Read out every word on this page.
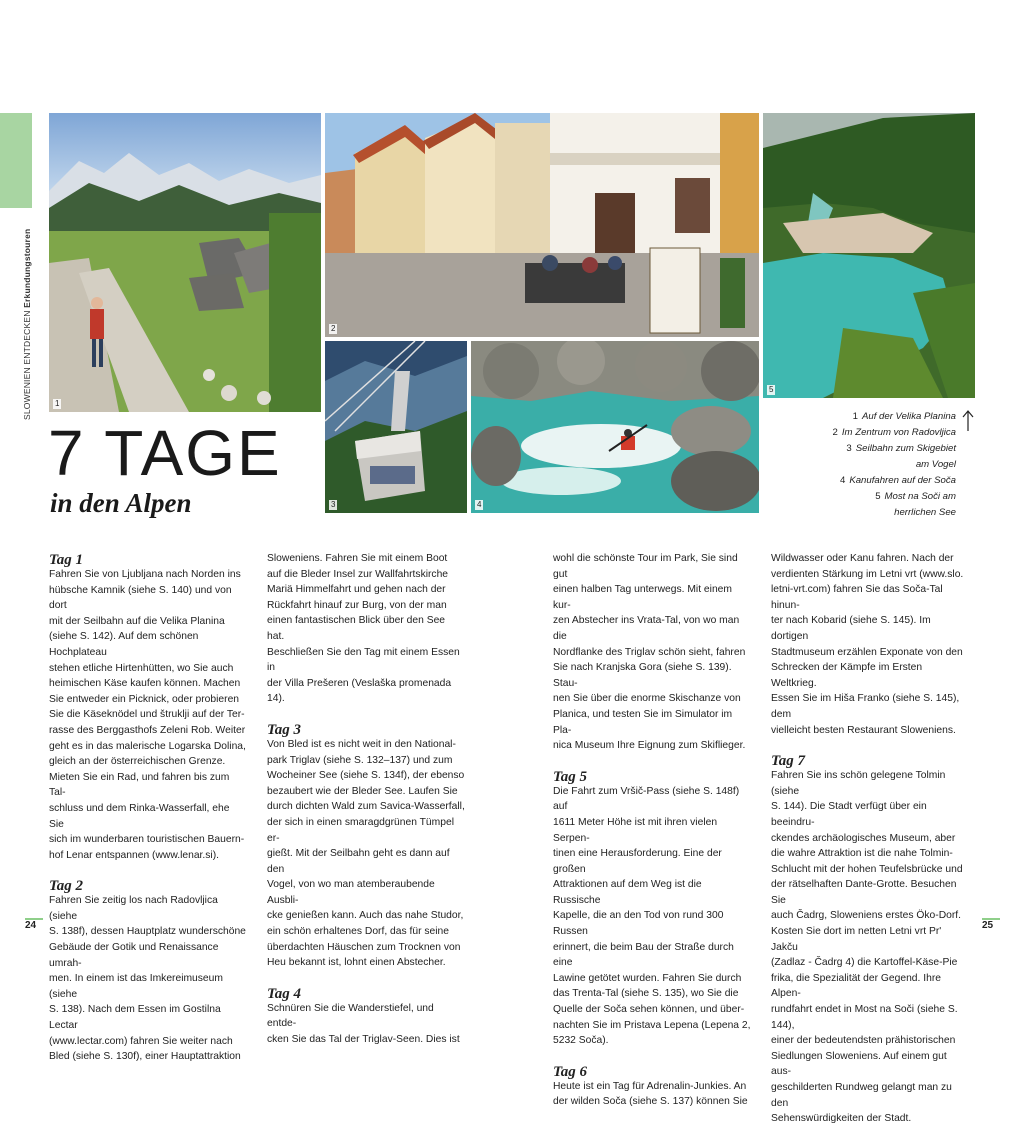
SLOWENIEN ENTDECKEN Erkundungstouren
1
2
5
3	4
7 TAGE
in den Alpen
1 Auf der Velika Planina
2 Im Zentrum von Radovljica
3 Seilbahn zum Skigebiet
am Vogel
4 Kanufahren auf der Soča
5 Most na Soči am
herrlichen See
Tag 1
Fahren Sie von Ljubljana nach Norden ins
hübsche Kamnik (siehe S. 140) und von dort
mit der Seilbahn auf die Velika Planina
(siehe S. 142). Auf dem schönen Hochplateau
stehen etliche Hirtenhütten, wo Sie auch
heimischen Käse kaufen können. Machen
Sie entweder ein Picknick, oder probieren
Sie die Käseknödel und štruklji auf der Ter-
rasse des Berggasthofs Zeleni Rob. Weiter
geht es in das malerische Logarska Dolina,
gleich an der österreichischen Grenze.
Mieten Sie ein Rad, und fahren bis zum Tal-
schluss und dem Rinka-Wasserfall, ehe Sie
sich im wunderbaren touristischen Bauern-
hof Lenar entspannen (www.lenar.si).
Tag 2
Fahren Sie zeitig los nach Radovljica (siehe
S. 138f), dessen Hauptplatz wunderschöne
Gebäude der Gotik und Renaissance umrah-
men. In einem ist das Imkereimuseum (siehe
S. 138). Nach dem Essen im Gostilna Lectar
(www.lectar.com) fahren Sie weiter nach
Bled (siehe S. 130f), einer Hauptattraktion
Sloweniens. Fahren Sie mit einem Boot
auf die Bleder Insel zur Wallfahrtskirche
Mariä Himmelfahrt und gehen nach der
Rückfahrt hinauf zur Burg, von der man
einen fantastischen Blick über den See hat.
Beschließen Sie den Tag mit einem Essen in
der Villa Prešeren (Veslaška promenada 14).
Tag 3
Von Bled ist es nicht weit in den National-
park Triglav (siehe S. 132–137) und zum
Wocheiner See (siehe S. 134f), der ebenso
bezaubert wie der Bleder See. Laufen Sie
durch dichten Wald zum Savica-Wasserfall,
der sich in einen smaragdgrünen Tümpel er-
gießt. Mit der Seilbahn geht es dann auf den
Vogel, von wo man atemberaubende Ausbli-
cke genießen kann. Auch das nahe Studor,
ein schön erhaltenes Dorf, das für seine
überdachten Häuschen zum Trocknen von
Heu bekannt ist, lohnt einen Abstecher.
Tag 4
Schnüren Sie die Wanderstiefel, und entde-
cken Sie das Tal der Triglav-Seen. Dies ist
wohl die schönste Tour im Park, Sie sind gut
einen halben Tag unterwegs. Mit einem kur-
zen Abstecher ins Vrata-Tal, von wo man die
Nordflanke des Triglav schön sieht, fahren
Sie nach Kranjska Gora (siehe S. 139). Stau-
nen Sie über die enorme Skischanze von
Planica, und testen Sie im Simulator im Pla-
nica Museum Ihre Eignung zum Skiflieger.
Tag 5
Die Fahrt zum Vršič-Pass (siehe S. 148f) auf
1611 Meter Höhe ist mit ihren vielen Serpen-
tinen eine Herausforderung. Eine der großen
Attraktionen auf dem Weg ist die Russische
Kapelle, die an den Tod von rund 300 Russen
erinnert, die beim Bau der Straße durch eine
Lawine getötet wurden. Fahren Sie durch
das Trenta-Tal (siehe S. 135), wo Sie die
Quelle der Soča sehen können, und über-
nachten Sie im Pristava Lepena (Lepena 2,
5232 Soča).
Tag 6
Heute ist ein Tag für Adrenalin-Junkies. An
der wilden Soča (siehe S. 137) können Sie
Wildwasser oder Kanu fahren. Nach der
verdienten Stärkung im Letni vrt (www.slo.
letni-vrt.com) fahren Sie das Soča-Tal hinun-
ter nach Kobarid (siehe S. 145). Im dortigen
Stadtmuseum erzählen Exponate von den
Schrecken der Kämpfe im Ersten Weltkrieg.
Essen Sie im Hiša Franko (siehe S. 145), dem
vielleicht besten Restaurant Sloweniens.
Tag 7
Fahren Sie ins schön gelegene Tolmin (siehe
S. 144). Die Stadt verfügt über ein beeindru-
ckendes archäologisches Museum, aber
die wahre Attraktion ist die nahe Tolmin-
Schlucht mit der hohen Teufelsbrücke und
der rätselhaften Dante-Grotte. Besuchen Sie
auch Čadrg, Sloweniens erstes Öko-Dorf.
Kosten Sie dort im netten Letni vrt Pr' Jakču
(Zadlaz - Čadrg 4) die Kartoffel-Käse-Pie
frika, die Spezialität der Gegend. Ihre Alpen-
rundfahrt endet in Most na Soči (siehe S. 144),
einer der bedeutendsten prähistorischen
Siedlungen Sloweniens. Auf einem gut aus-
geschilderten Rundweg gelangt man zu den
Sehenswürdigkeiten der Stadt.
24	25
